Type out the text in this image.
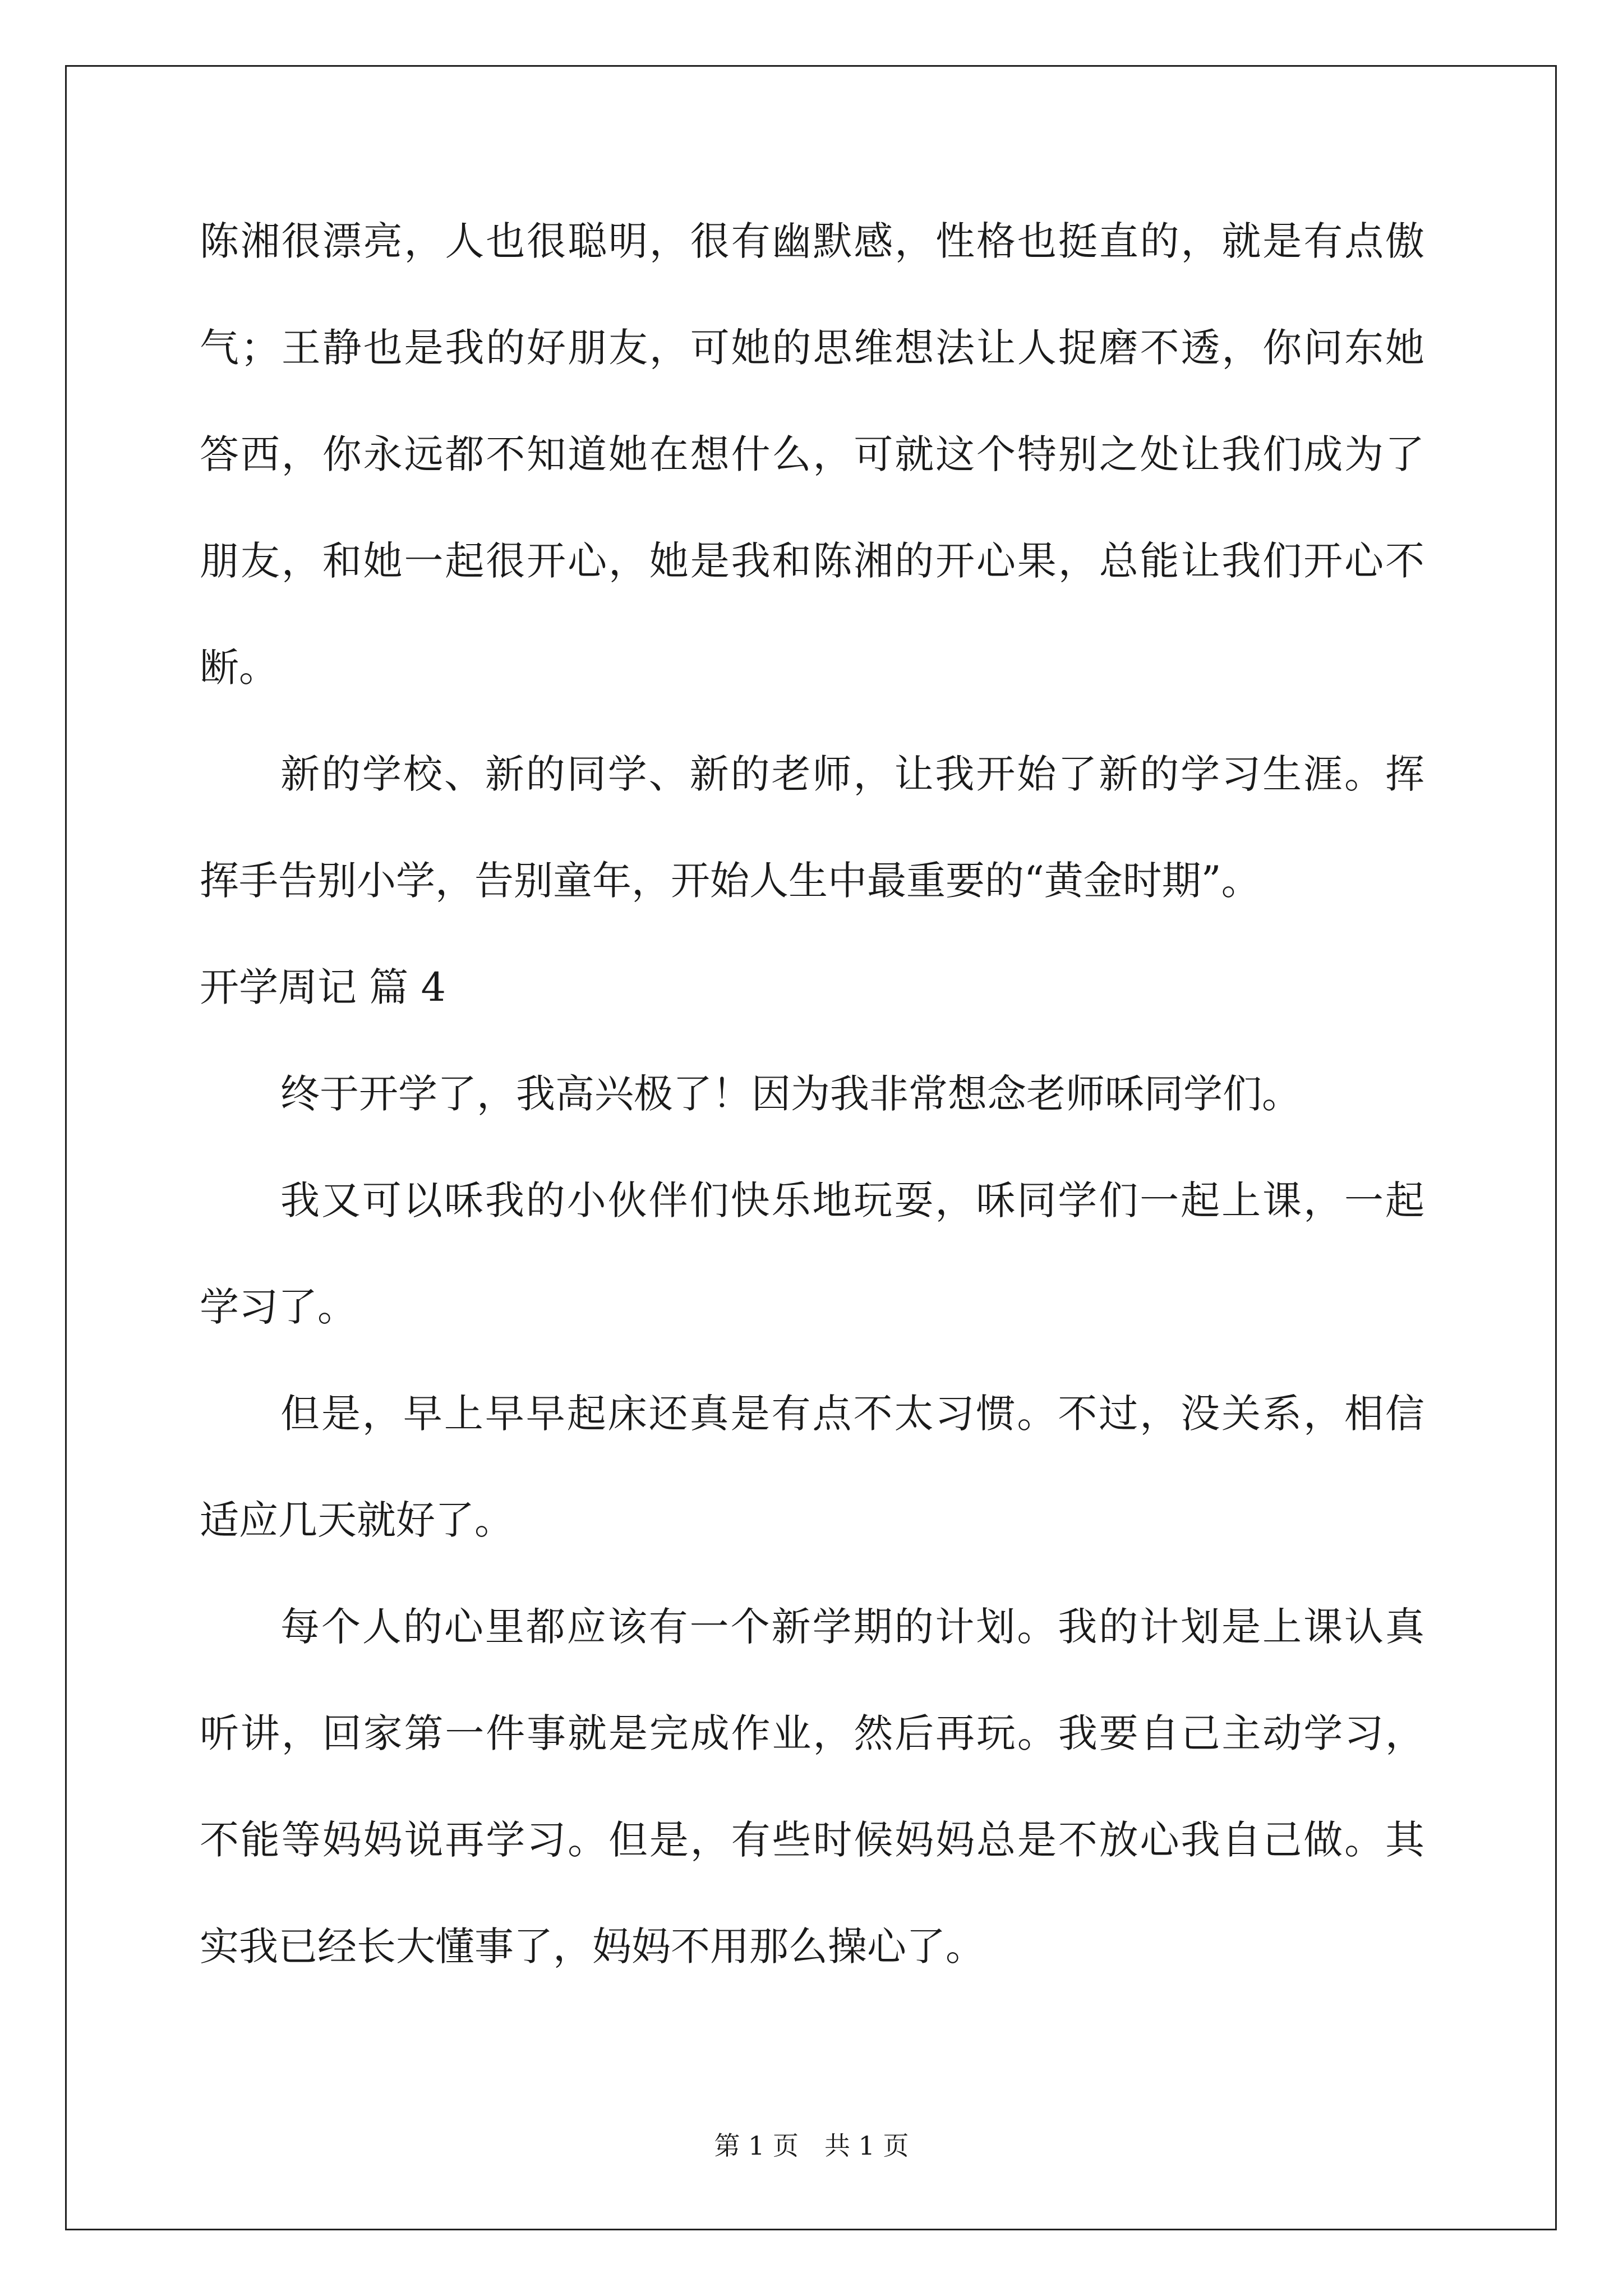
陈湘很漂亮，人也很聪明，很有幽默感，性格也挺直的，就是有点傲
气；王静也是我的好朋友，可她的思维想法让人捉磨不透，你问东她
答西，你永远都不知道她在想什么，可就这个特别之处让我们成为了
朋友，和她一起很开心，她是我和陈湘的开心果，总能让我们开心不
断。
新的学校、新的同学、新的老师，让我开始了新的学习生涯。挥
挥手告别小学，告别童年，开始人生中最重要的“黄金时期”。
开学周记 篇 4
终于开学了，我高兴极了！因为我非常想念老师咊同学们。
我又可以咊我的小伙伴们快乐地玩耍，咊同学们一起上课，一起
学习了。
但是，早上早早起床还真是有点不太习惯。不过，没关系，相信
适应几天就好了。
每个人的心里都应该有一个新学期的计划。我的计划是上课认真
听讲，回家第一件事就是完成作业，然后再玩。我要自己主动学习，
不能等妈妈说再学习。但是，有些时候妈妈总是不放心我自己做。其
实我已经长大懂事了，妈妈不用那么操心了。
第 1 页　共 1 页
